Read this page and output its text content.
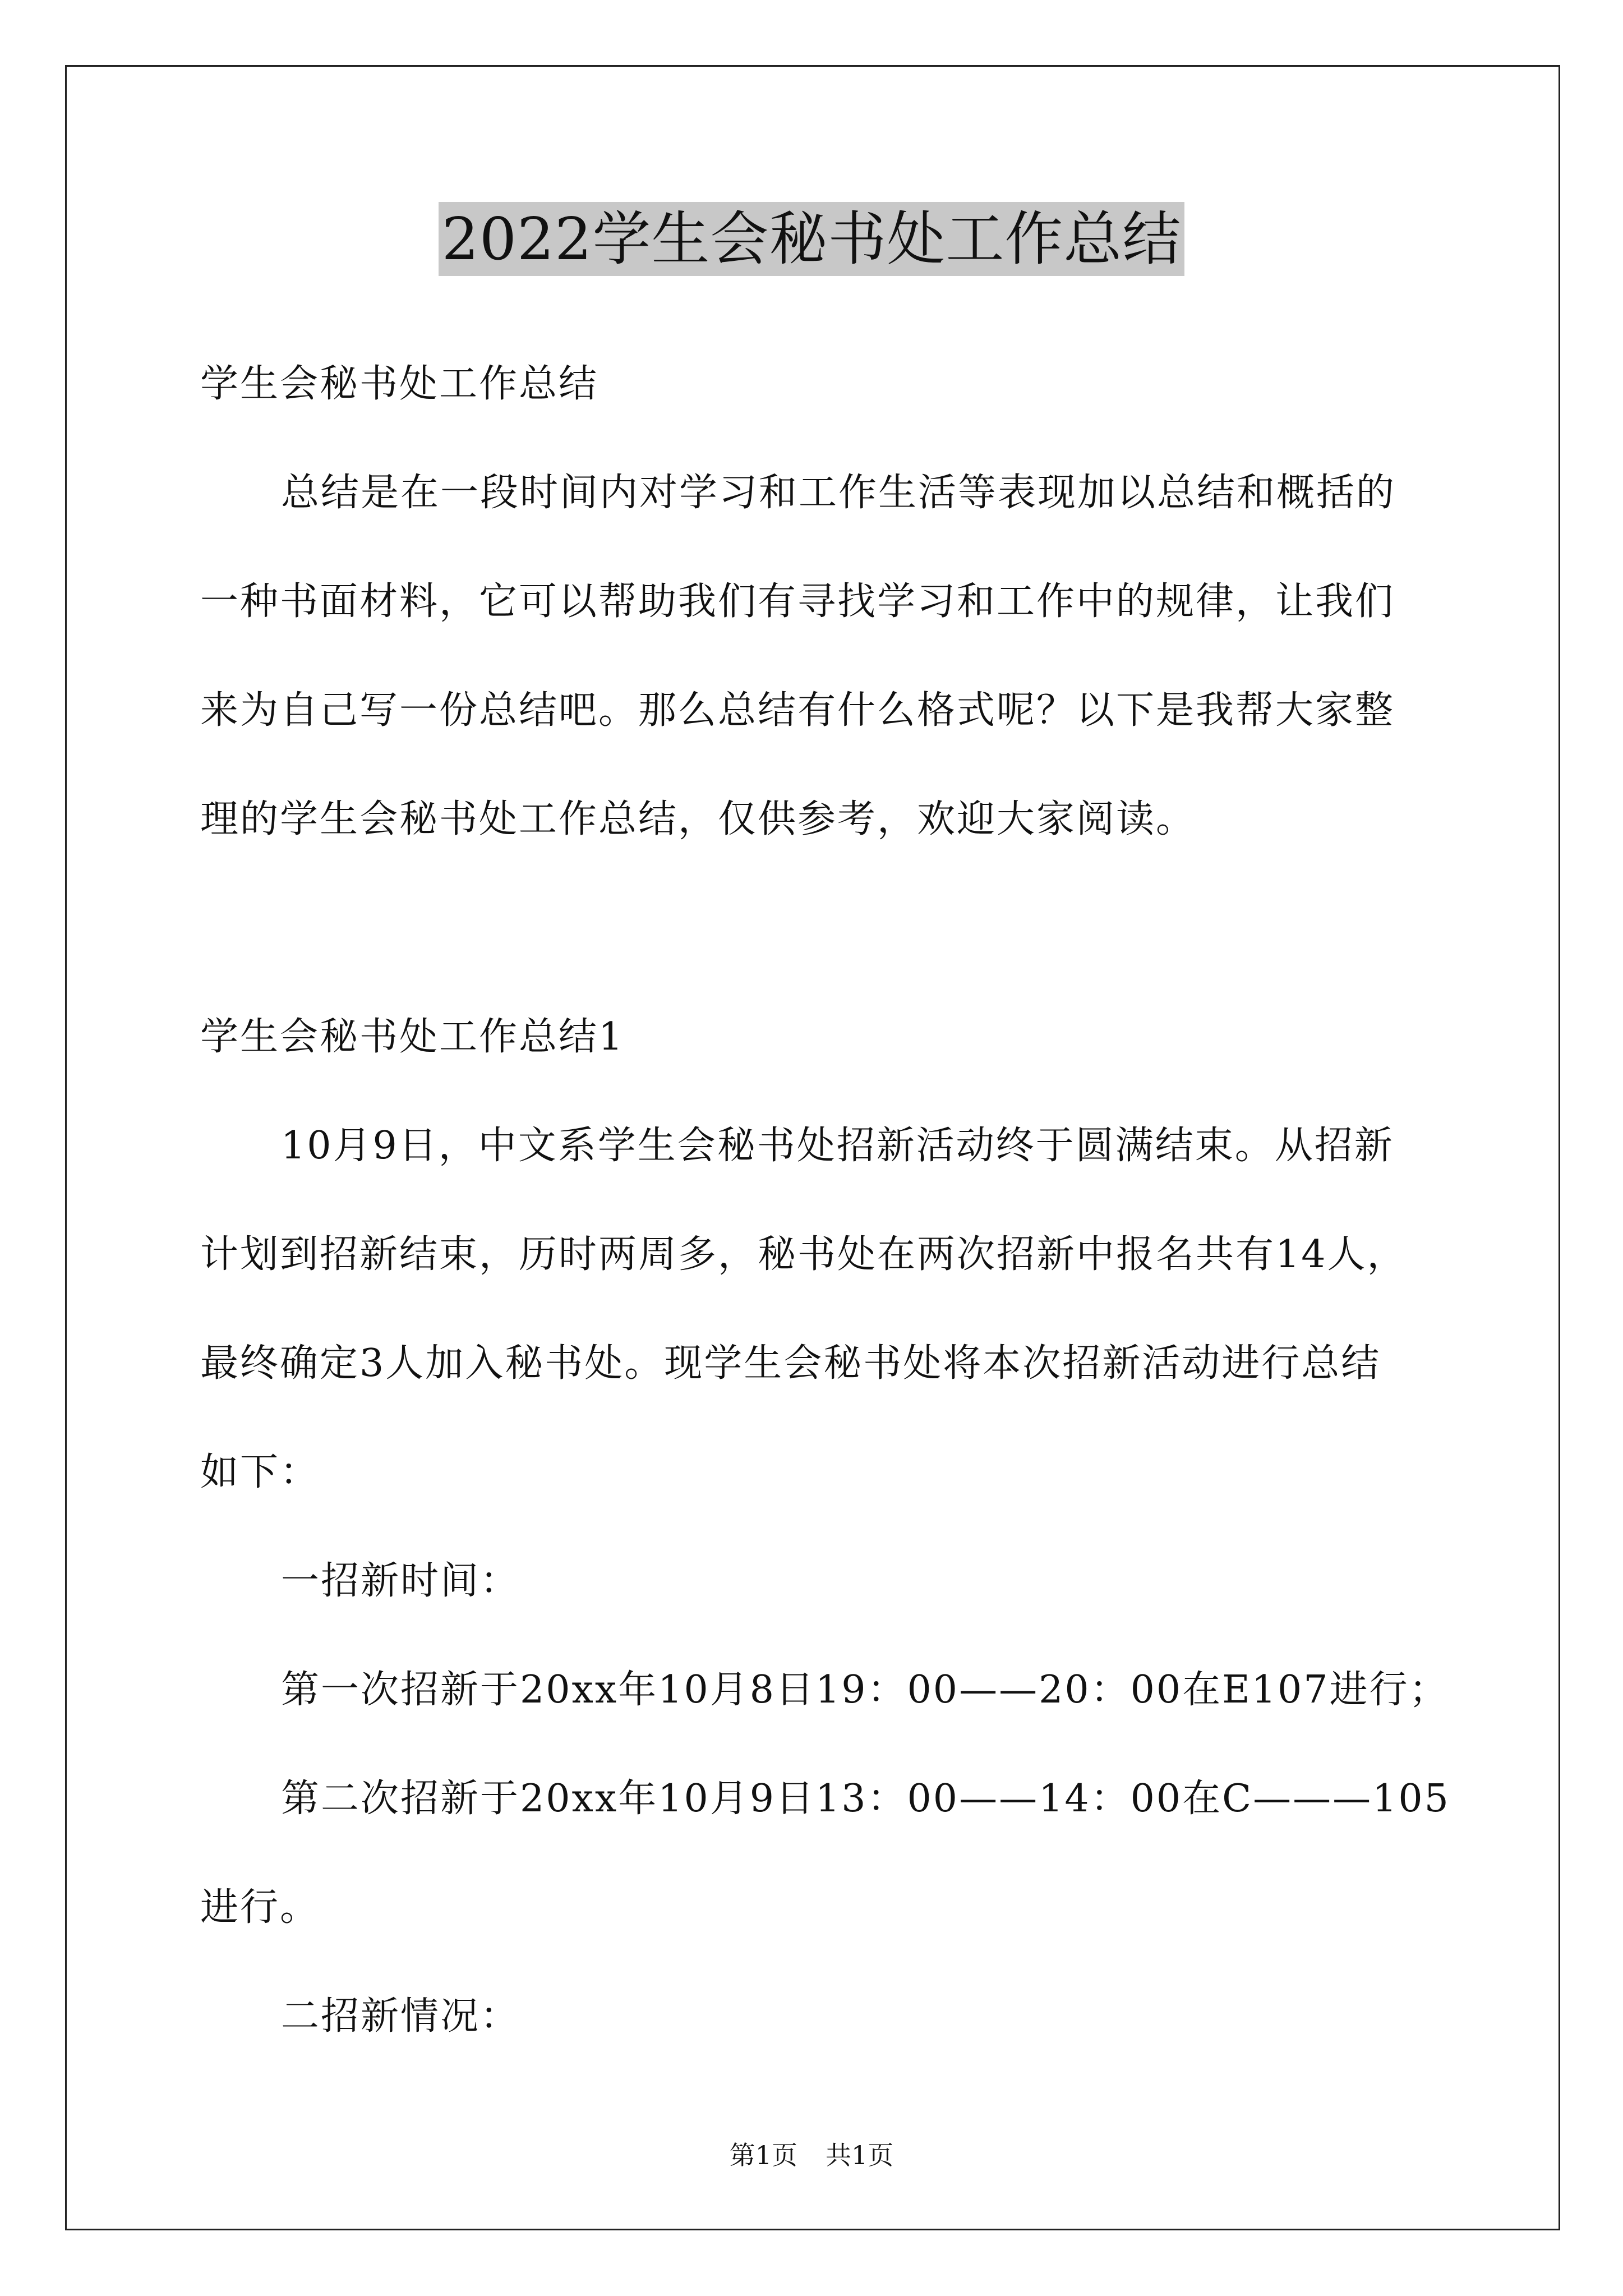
2022学生会秘书处工作总结

学生会秘书处工作总结

总结是在一段时间内对学习和工作生活等表现加以总结和概括的

一种书面材料，它可以帮助我们有寻找学习和工作中的规律，让我们

来为自己写一份总结吧。那么总结有什么格式呢？以下是我帮大家整

理的学生会秘书处工作总结，仅供参考，欢迎大家阅读。

学生会秘书处工作总结1

10月9日，中文系学生会秘书处招新活动终于圆满结束。从招新

计划到招新结束，历时两周多，秘书处在两次招新中报名共有14人，

最终确定3人加入秘书处。现学生会秘书处将本次招新活动进行总结

如下：

一招新时间：

第一次招新于20xx年10月8日19：00——20：00在E107进行；

第二次招新于20xx年10月9日13：00——14：00在C———105

进行。

二招新情况：

第1页 共1页
